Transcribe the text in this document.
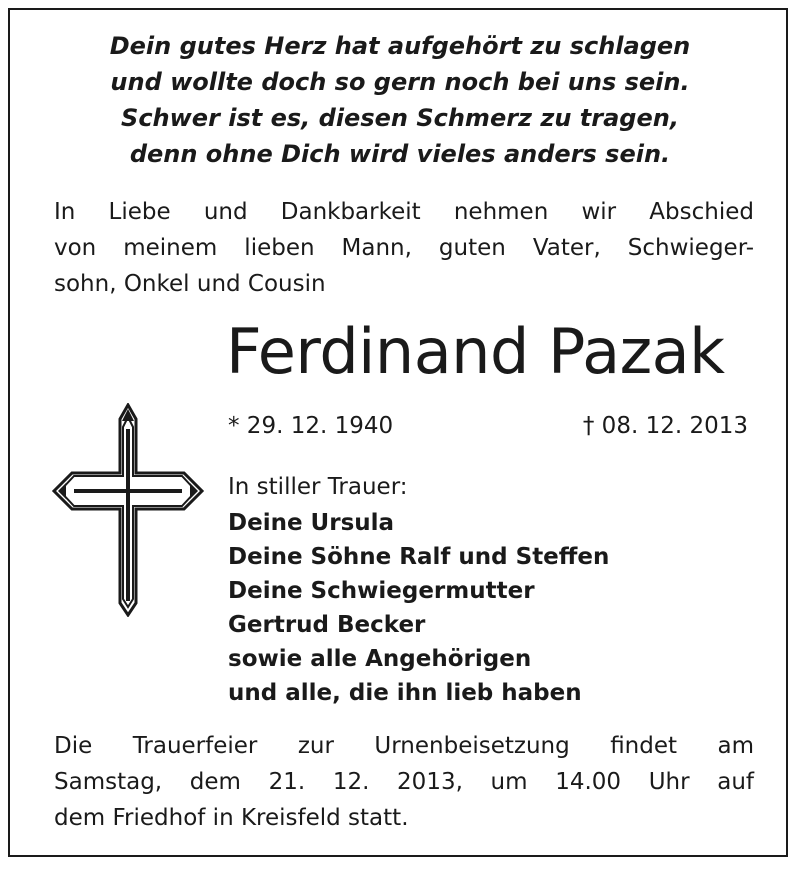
Dein gutes Herz hat aufgehört zu schlagen
und wollte doch so gern noch bei uns sein.
Schwer ist es, diesen Schmerz zu tragen,
denn ohne Dich wird vieles anders sein.
In Liebe und Dankbarkeit nehmen wir Abschied
von meinem lieben Mann, guten Vater, Schwieger-
sohn, Onkel und Cousin
Ferdinand Pazak
* 29. 12. 1940	† 08. 12. 2013
In stiller Trauer:
Deine Ursula
Deine Söhne Ralf und Steffen
Deine Schwiegermutter
Gertrud Becker
sowie alle Angehörigen
und alle, die ihn lieb haben
Die Trauerfeier zur Urnenbeisetzung findet am
Samstag, dem 21. 12. 2013, um 14.00 Uhr auf
dem Friedhof in Kreisfeld statt.
